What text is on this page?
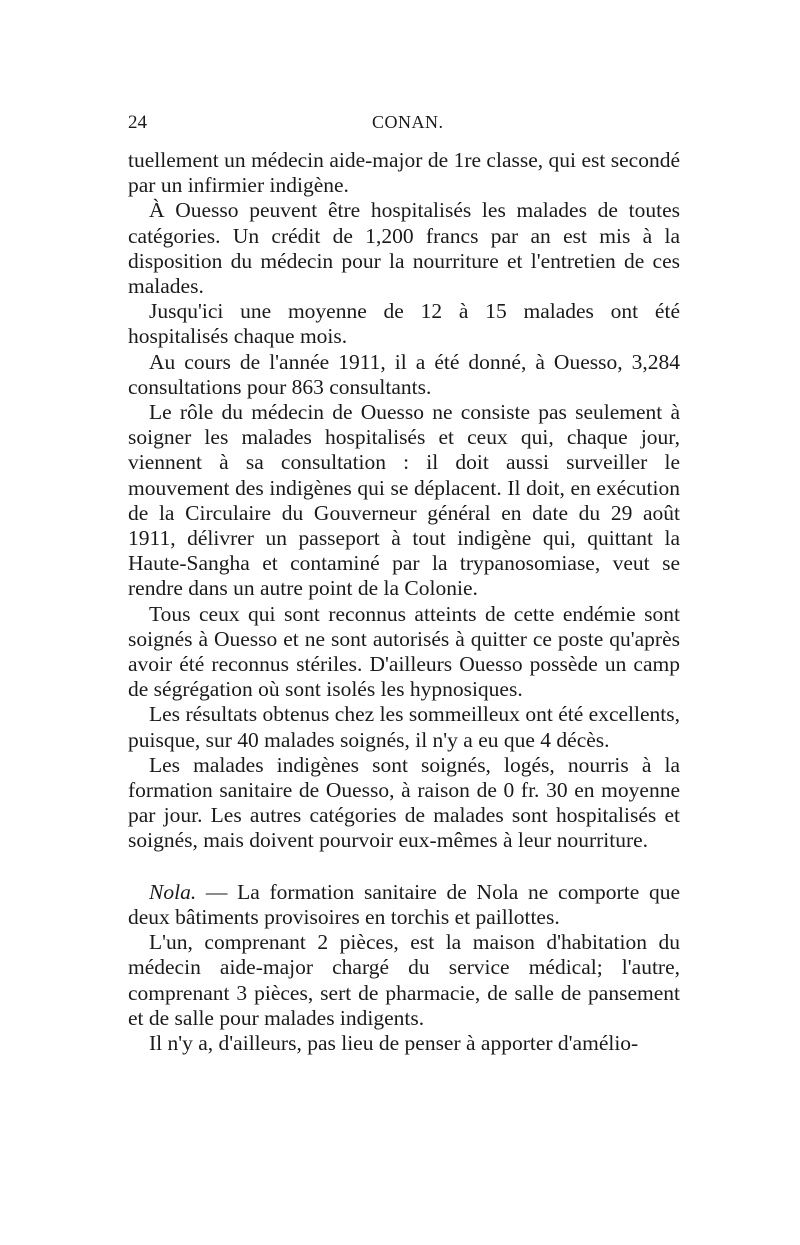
24	CONAN.

tuellement un médecin aide-major de 1re classe, qui est secondé par un infirmier indigène.

À Ouesso peuvent être hospitalisés les malades de toutes catégories. Un crédit de 1,200 francs par an est mis à la disposition du médecin pour la nourriture et l'entretien de ces malades.

Jusqu'ici une moyenne de 12 à 15 malades ont été hospitalisés chaque mois.

Au cours de l'année 1911, il a été donné, à Ouesso, 3,284 consultations pour 863 consultants.

Le rôle du médecin de Ouesso ne consiste pas seulement à soigner les malades hospitalisés et ceux qui, chaque jour, viennent à sa consultation : il doit aussi surveiller le mouvement des indigènes qui se déplacent. Il doit, en exécution de la Circulaire du Gouverneur général en date du 29 août 1911, délivrer un passeport à tout indigène qui, quittant la Haute-Sangha et contaminé par la trypanosomiase, veut se rendre dans un autre point de la Colonie.

Tous ceux qui sont reconnus atteints de cette endémie sont soignés à Ouesso et ne sont autorisés à quitter ce poste qu'après avoir été reconnus stériles. D'ailleurs Ouesso possède un camp de ségrégation où sont isolés les hypnosiques.

Les résultats obtenus chez les sommeilleux ont été excellents, puisque, sur 40 malades soignés, il n'y a eu que 4 décès.

Les malades indigènes sont soignés, logés, nourris à la formation sanitaire de Ouesso, à raison de 0 fr. 30 en moyenne par jour. Les autres catégories de malades sont hospitalisés et soignés, mais doivent pourvoir eux-mêmes à leur nourriture.

Nola. — La formation sanitaire de Nola ne comporte que deux bâtiments provisoires en torchis et paillottes.

L'un, comprenant 2 pièces, est la maison d'habitation du médecin aide-major chargé du service médical; l'autre, comprenant 3 pièces, sert de pharmacie, de salle de pansement et de salle pour malades indigents.

Il n'y a, d'ailleurs, pas lieu de penser à apporter d'amélio-
